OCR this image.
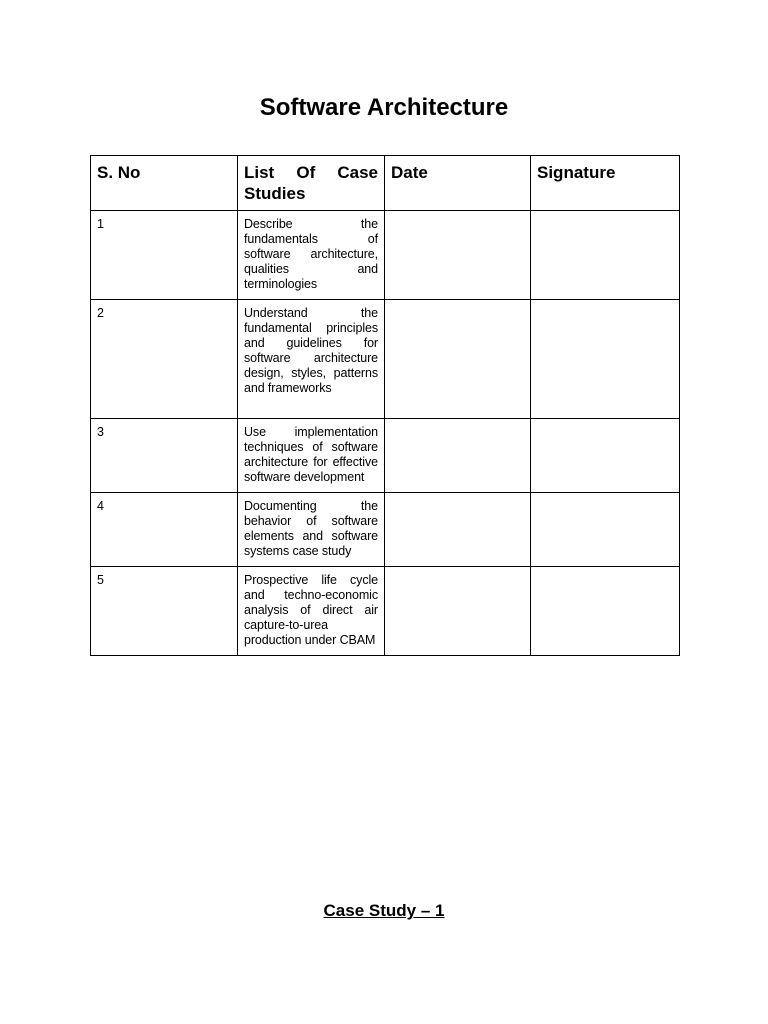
Software Architecture
S. No	List Of Case Studies	Date	Signature
1	Describe the fundamentals of software architecture, qualities and terminologies		
2	Understand the fundamental principles and guidelines for software architecture design, styles, patterns and frameworks		
3	Use implementation techniques of software architecture for effective software development		
4	Documenting the behavior of software elements and software systems case study		
5	Prospective life cycle and techno-economic analysis of direct air capture-to-urea production under CBAM		
Case Study – 1
